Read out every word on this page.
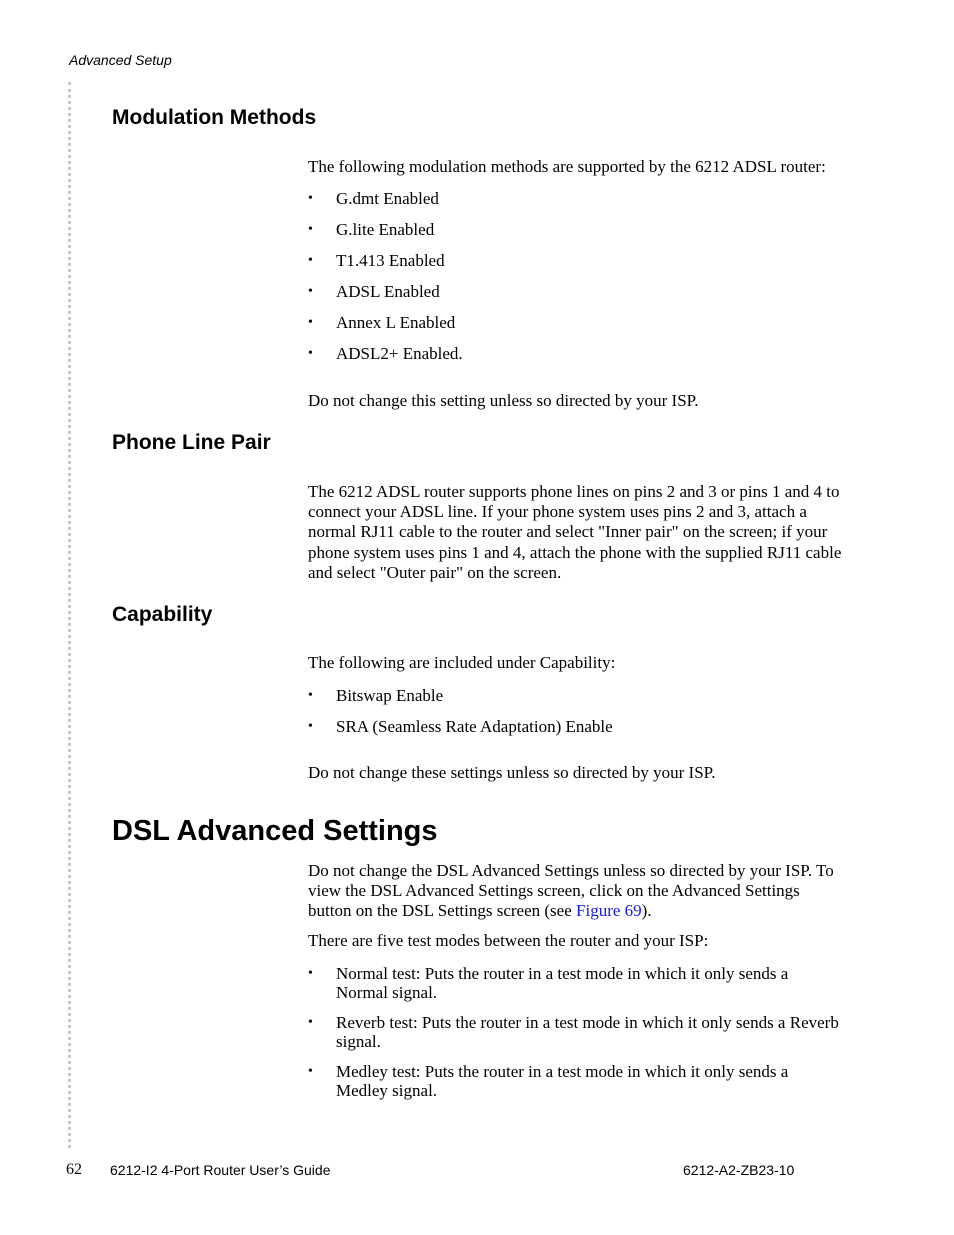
Advanced Setup
Modulation Methods

The following modulation methods are supported by the 6212 ADSL router:

• G.dmt Enabled
• G.lite Enabled
• T1.413 Enabled
• ADSL Enabled
• Annex L Enabled
• ADSL2+ Enabled.

Do not change this setting unless so directed by your ISP.

Phone Line Pair

The 6212 ADSL router supports phone lines on pins 2 and 3 or pins 1 and 4 to connect your ADSL line. If your phone system uses pins 2 and 3, attach a normal RJ11 cable to the router and select "Inner pair" on the screen; if your phone system uses pins 1 and 4, attach the phone with the supplied RJ11 cable and select "Outer pair" on the screen.

Capability

The following are included under Capability:

• Bitswap Enable
• SRA (Seamless Rate Adaptation) Enable

Do not change these settings unless so directed by your ISP.

DSL Advanced Settings

Do not change the DSL Advanced Settings unless so directed by your ISP. To view the DSL Advanced Settings screen, click on the Advanced Settings button on the DSL Settings screen (see Figure 69).

There are five test modes between the router and your ISP:

• Normal test: Puts the router in a test mode in which it only sends a Normal signal.
• Reverb test: Puts the router in a test mode in which it only sends a Reverb signal.
• Medley test: Puts the router in a test mode in which it only sends a Medley signal.
62 6212-I2 4-Port Router User’s Guide	6212-A2-ZB23-10
